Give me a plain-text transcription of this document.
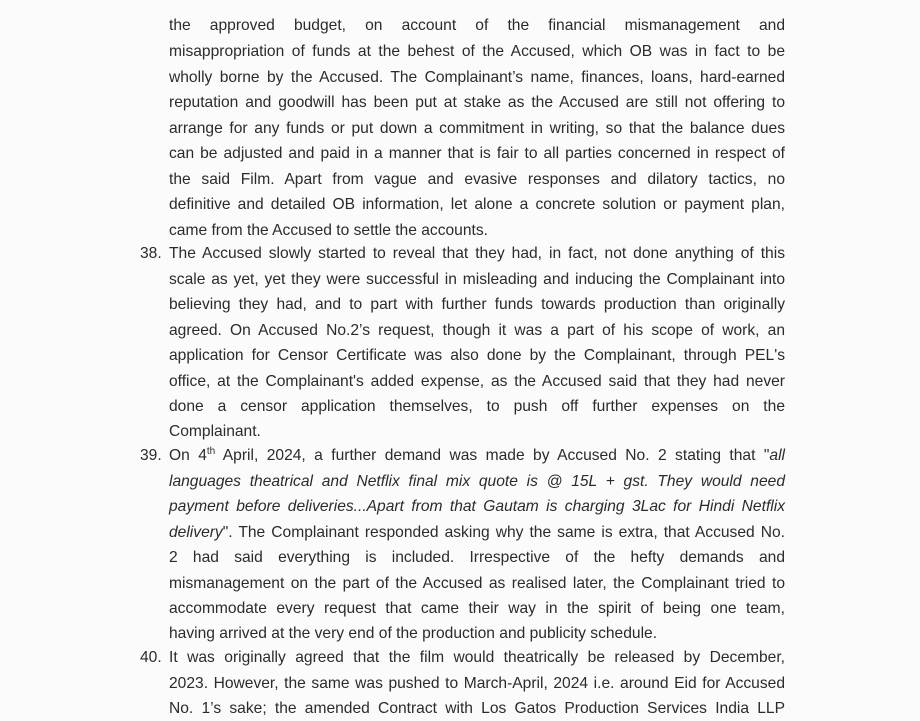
the approved budget, on account of the financial mismanagement and
misappropriation of funds at the behest of the Accused, which OB was in fact to be
wholly borne by the Accused. The Complainant’s name, finances, loans, hard-earned
reputation and goodwill has been put at stake as the Accused are still not offering to
arrange for any funds or put down a commitment in writing, so that the balance dues
can be adjusted and paid in a manner that is fair to all parties concerned in respect of
the said Film. Apart from vague and evasive responses and dilatory tactics, no
definitive and detailed OB information, let alone a concrete solution or payment plan,
came from the Accused to settle the accounts.
38. The Accused slowly started to reveal that they had, in fact, not done anything of this
scale as yet, yet they were successful in misleading and inducing the Complainant into
believing they had, and to part with further funds towards production than originally
agreed. On Accused No.2’s request, though it was a part of his scope of work, an
application for Censor Certificate was also done by the Complainant, through PEL's
office, at the Complainant's added expense, as the Accused said that they had never
done a censor application themselves, to push off further expenses on the
Complainant.
39. On 4th April, 2024, a further demand was made by Accused No. 2 stating that "all
languages theatrical and Netflix final mix quote is @ 15L + gst. They would need
payment before deliveries...Apart from that Gautam is charging 3Lac for Hindi Netflix
delivery". The Complainant responded asking why the same is extra, that Accused No.
2 had said everything is included. Irrespective of the hefty demands and
mismanagement on the part of the Accused as realised later, the Complainant tried to
accommodate every request that came their way in the spirit of being one team,
having arrived at the very end of the production and publicity schedule.
40. It was originally agreed that the film would theatrically be released by December,
2023. However, the same was pushed to March-April, 2024 i.e. around Eid for Accused
No. 1’s sake; the amended Contract with Los Gatos Production Services India LLP
